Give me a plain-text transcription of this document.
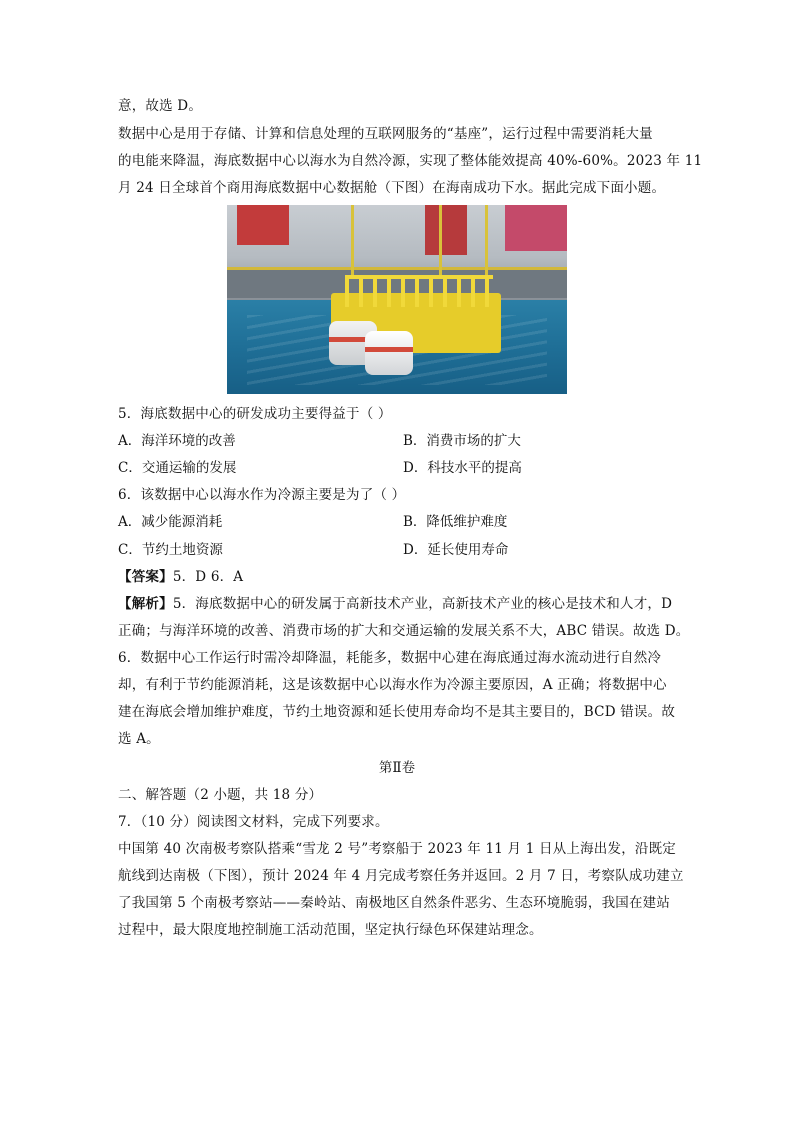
意，故选 D。
数据中心是用于存储、计算和信息处理的互联网服务的“基座”，运行过程中需要消耗大量
的电能来降温，海底数据中心以海水为自然冷源，实现了整体能效提高 40%-60%。2023 年 11
月 24 日全球首个商用海底数据中心数据舱（下图）在海南成功下水。据此完成下面小题。
5．海底数据中心的研发成功主要得益于（ ）
A．海洋环境的改善	B．消费市场的扩大
C．交通运输的发展	D．科技水平的提高
6．该数据中心以海水作为冷源主要是为了（ ）
A．减少能源消耗	B．降低维护难度
C．节约土地资源	D．延长使用寿命
【答案】5．D 6．A
【解析】5．海底数据中心的研发属于高新技术产业，高新技术产业的核心是技术和人才，D
正确；与海洋环境的改善、消费市场的扩大和交通运输的发展关系不大，ABC 错误。故选 D。
6．数据中心工作运行时需冷却降温，耗能多，数据中心建在海底通过海水流动进行自然冷
却，有利于节约能源消耗，这是该数据中心以海水作为冷源主要原因，A 正确；将数据中心
建在海底会增加维护难度，节约土地资源和延长使用寿命均不是其主要目的，BCD 错误。故
选 A。
第Ⅱ卷
二、解答题（2 小题，共 18 分）
7．（10 分）阅读图文材料，完成下列要求。
中国第 40 次南极考察队搭乘“雪龙 2 号”考察船于 2023 年 11 月 1 日从上海出发，沿既定
航线到达南极（下图），预计 2024 年 4 月完成考察任务并返回。2 月 7 日，考察队成功建立
了我国第 5 个南极考察站——秦岭站、南极地区自然条件恶劣、生态环境脆弱，我国在建站
过程中，最大限度地控制施工活动范围，坚定执行绿色环保建站理念。
